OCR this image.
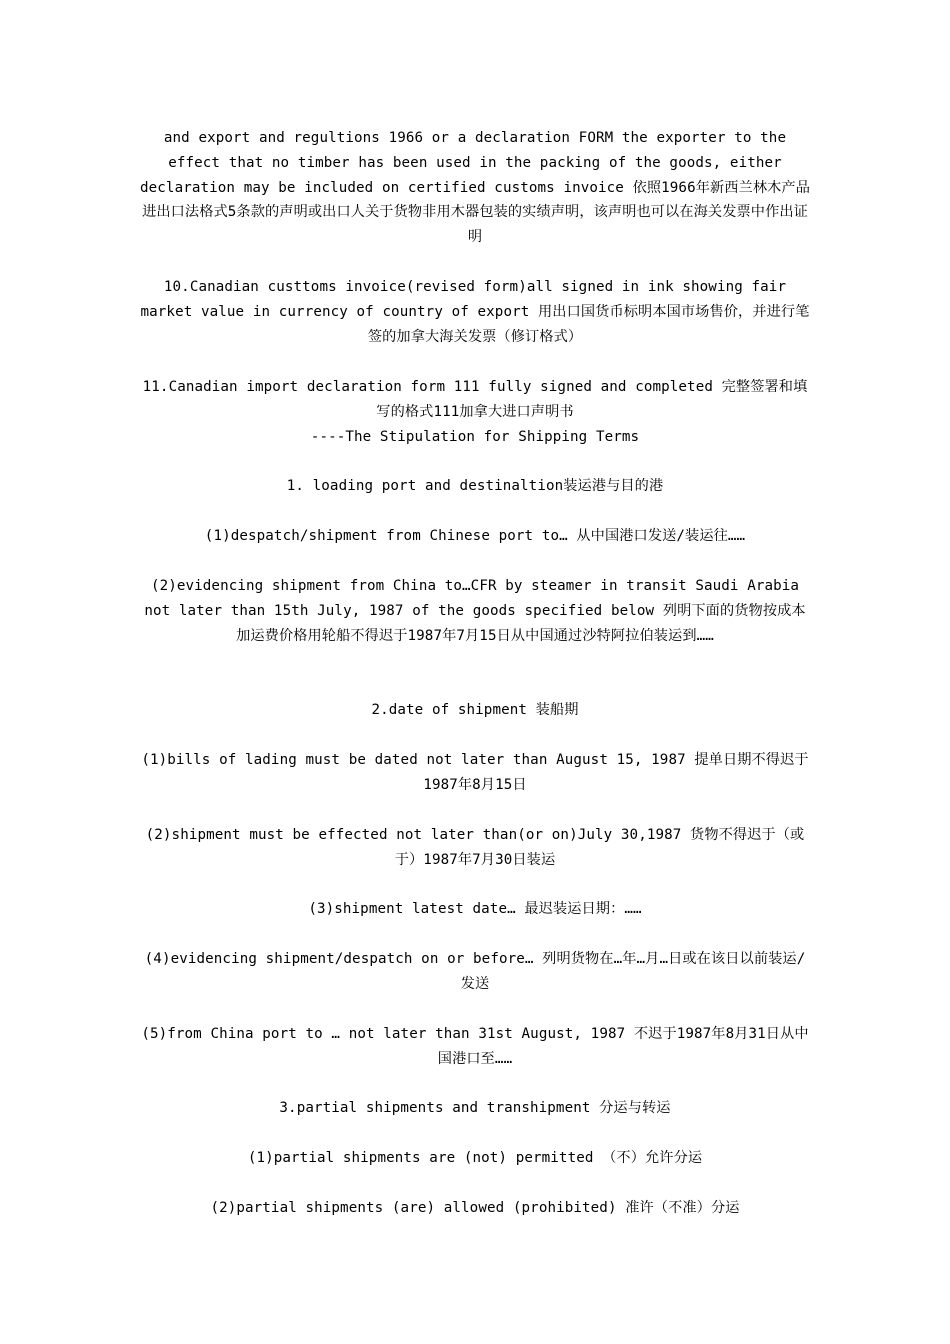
and export and regultions 1966 or a declaration FORM the exporter to the effect that no timber has been used in the packing of the goods, either declaration may be included on certified customs invoice 依照1966年新西兰林木产品进出口法格式5条款的声明或出口人关于货物非用木器包装的实绩声明，该声明也可以在海关发票中作出证明
10.Canadian custtoms invoice(revised form)all signed in ink showing fair market value in currency of country of export 用出口国货币标明本国市场售价，并进行笔签的加拿大海关发票（修订格式）
11.Canadian import declaration form 111 fully signed and completed 完整签署和填写的格式111加拿大进口声明书
----The Stipulation for Shipping Terms
1. loading port and destinaltion装运港与目的港
(1)despatch/shipment from Chinese port to… 从中国港口发送/装运往……
(2)evidencing shipment from China to…CFR by steamer in transit Saudi Arabia not later than 15th July, 1987 of the goods specified below 列明下面的货物按成本加运费价格用轮船不得迟于1987年7月15日从中国通过沙特阿拉伯装运到……
2.date of shipment 装船期
(1)bills of lading must be dated not later than August 15, 1987 提单日期不得迟于1987年8月15日
(2)shipment must be effected not later than(or on)July 30,1987 货物不得迟于（或于）1987年7月30日装运
(3)shipment latest date… 最迟装运日期：……
(4)evidencing shipment/despatch on or before… 列明货物在…年…月…日或在该日以前装运/发送
(5)from China port to … not later than 31st August, 1987 不迟于1987年8月31日从中国港口至……
3.partial shipments and transhipment 分运与转运
(1)partial shipments are (not) permitted （不）允许分运
(2)partial shipments (are) allowed (prohibited) 准许（不准）分运
